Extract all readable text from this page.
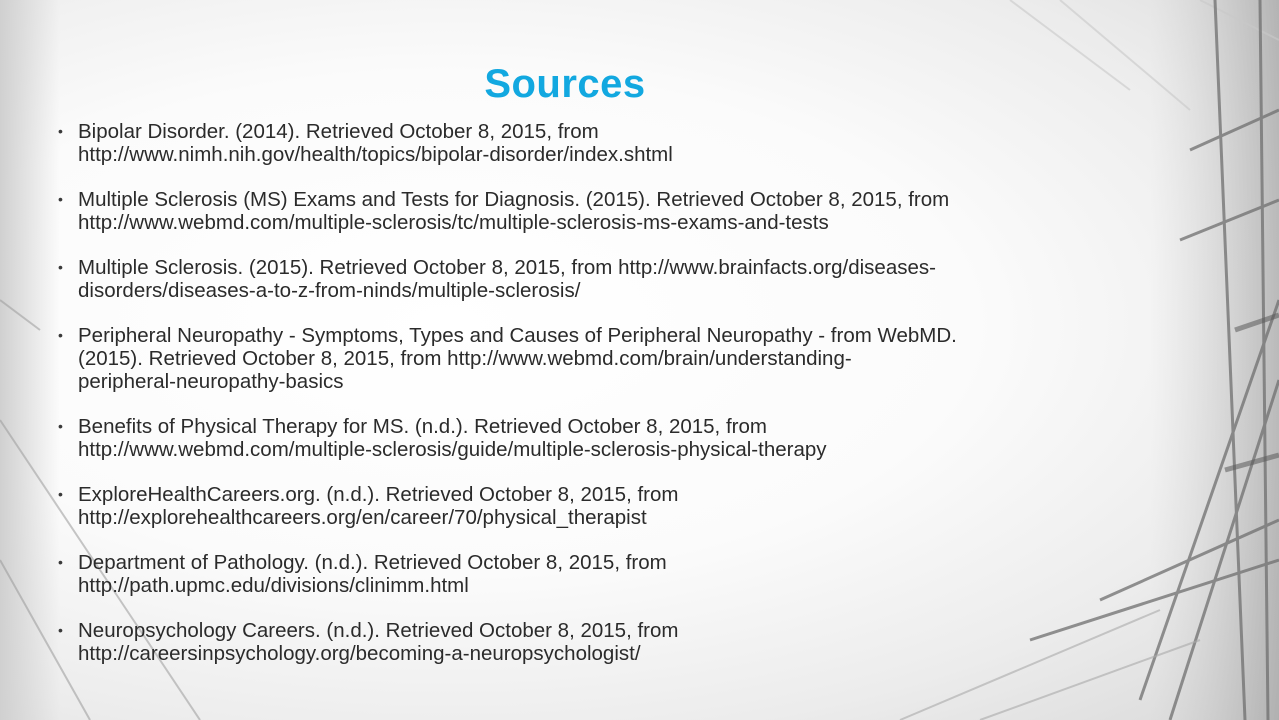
Sources
• Bipolar Disorder. (2014). Retrieved October 8, 2015, from
http://www.nimh.nih.gov/health/topics/bipolar-disorder/index.shtml
• Multiple Sclerosis (MS) Exams and Tests for Diagnosis. (2015). Retrieved October 8, 2015, from
http://www.webmd.com/multiple-sclerosis/tc/multiple-sclerosis-ms-exams-and-tests
• Multiple Sclerosis. (2015). Retrieved October 8, 2015, from http://www.brainfacts.org/diseases-
disorders/diseases-a-to-z-from-ninds/multiple-sclerosis/
• Peripheral Neuropathy - Symptoms, Types and Causes of Peripheral Neuropathy - from WebMD.
(2015). Retrieved October 8, 2015, from http://www.webmd.com/brain/understanding-
peripheral-neuropathy-basics
• Benefits of Physical Therapy for MS. (n.d.). Retrieved October 8, 2015, from
http://www.webmd.com/multiple-sclerosis/guide/multiple-sclerosis-physical-therapy
• ExploreHealthCareers.org. (n.d.). Retrieved October 8, 2015, from
http://explorehealthcareers.org/en/career/70/physical_therapist
• Department of Pathology. (n.d.). Retrieved October 8, 2015, from
http://path.upmc.edu/divisions/clinimm.html
• Neuropsychology Careers. (n.d.). Retrieved October 8, 2015, from
http://careersinpsychology.org/becoming-a-neuropsychologist/
